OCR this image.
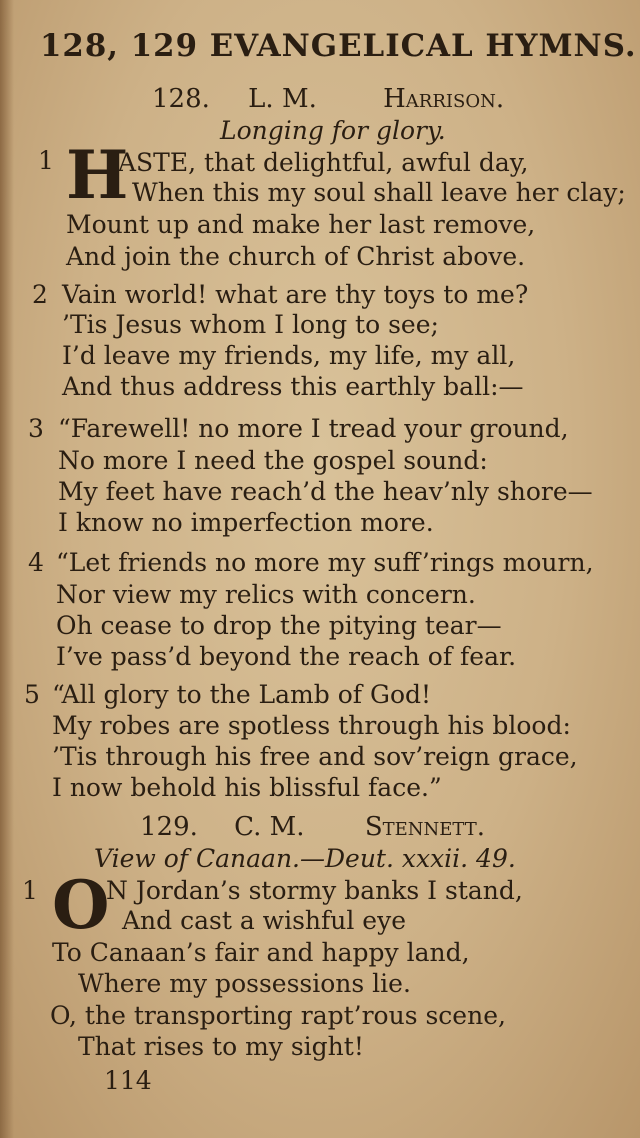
128, 129 EVANGELICAL HYMNS.
128. L. M.	Harrison.
Longing for glory.
1 H
ASTE, that delightful, awful day,
When this my soul shall leave her clay;
Mount up and make her last remove,
And join the church of Christ above.
2 Vain world! what are thy toys to me?
’Tis Jesus whom I long to see;
I’d leave my friends, my life, my all,
And thus address this earthly ball:—
3 “Farewell! no more I tread your ground,
No more I need the gospel sound:
My feet have reach’d the heav’nly shore—
I know no imperfection more.
4 “Let friends no more my suff’rings mourn,
Nor view my relics with concern.
Oh cease to drop the pitying tear—
I’ve pass’d beyond the reach of fear.
5 “All glory to the Lamb of God!
My robes are spotless through his blood:
’Tis through his free and sov’reign grace,
I now behold his blissful face.”
129. C. M. Stennett.
View of Canaan.—Deut. xxxii. 49.
1 O
N Jordan’s stormy banks I stand,
And cast a wishful eye
To Canaan’s fair and happy land,
Where my possessions lie.
O, the transporting rapt’rous scene,
That rises to my sight!
114
